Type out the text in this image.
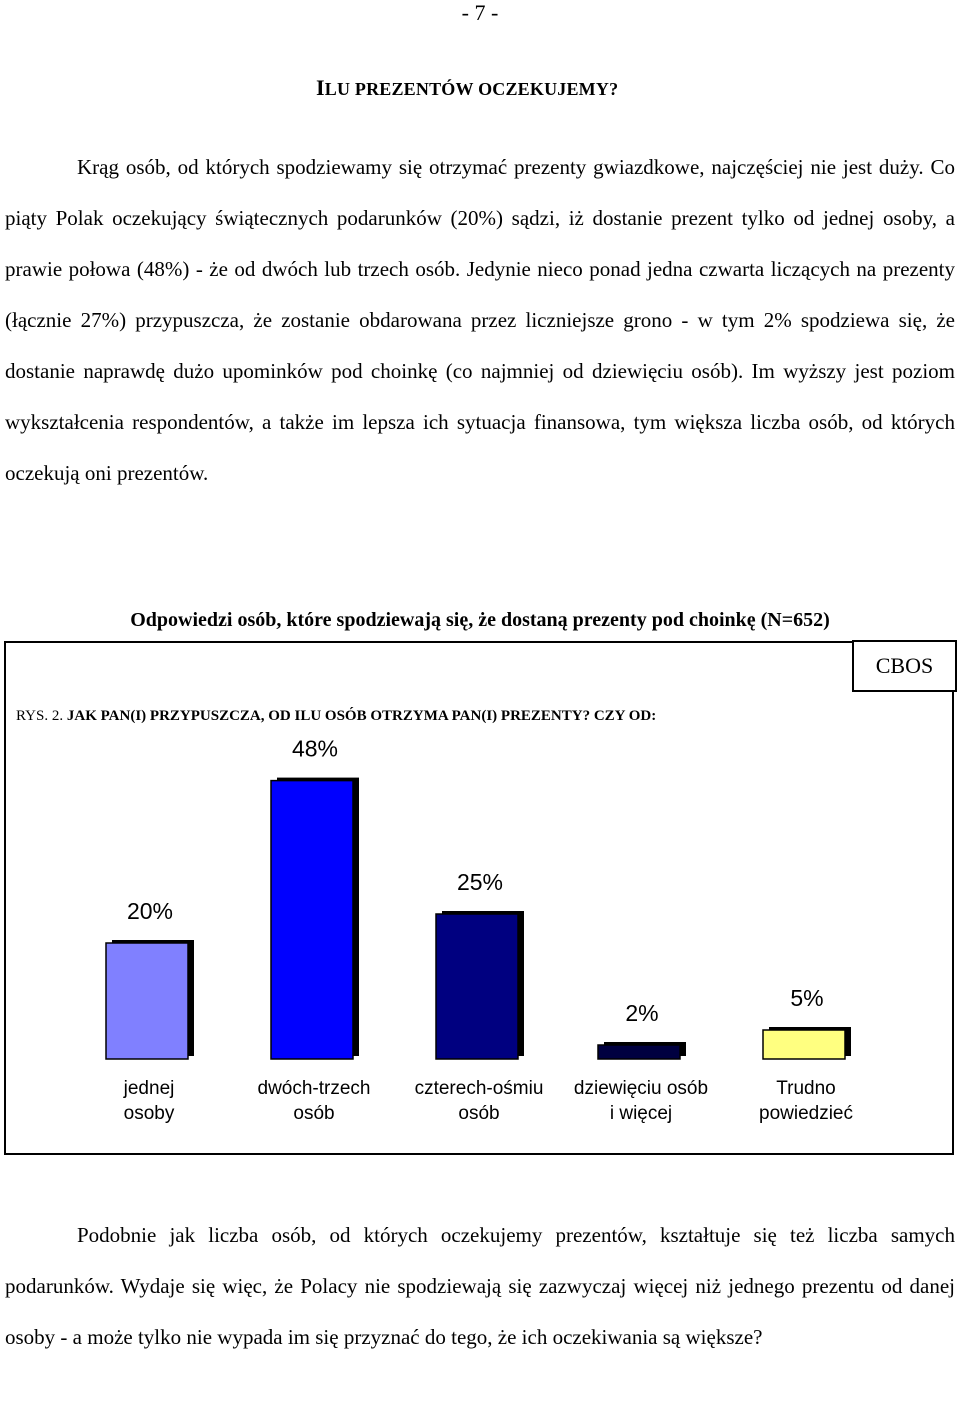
- 7 -
ILU PREZENTÓW OCZEKUJEMY?

Krąg osób, od których spodziewamy się otrzymać prezenty gwiazdkowe, najczęściej nie jest duży. Co piąty Polak oczekujący świątecznych podarunków (20%) sądzi, iż dostanie prezent tylko od jednej osoby, a prawie połowa (48%) - że od dwóch lub trzech osób. Jedynie nieco ponad jedna czwarta liczących na prezenty (łącznie 27%) przypuszcza, że zostanie obdarowana przez liczniejsze grono - w tym 2% spodziewa się, że dostanie naprawdę dużo upominków pod choinkę (co najmniej od dziewięciu osób). Im wyższy jest poziom wykształcenia respondentów, a także im lepsza ich sytuacja finansowa, tym większa liczba osób, od których oczekują oni prezentów.

Odpowiedzi osób, które spodziewają się, że dostaną prezenty pod choinkę (N=652)
CBOS
RYS. 2. JAK PAN(I) PRZYPUSZCZA, OD ILU OSÓB OTRZYMA PAN(I) PREZENTY? CZY OD:
20%
jednej
osoby
48%
dwóch-trzech
osób
25%
czterech-ośmiu
osób
2%
dziewięciu osób
i więcej
5%
Trudno
powiedzieć

Podobnie jak liczba osób, od których oczekujemy prezentów, kształtuje się też liczba samych podarunków. Wydaje się więc, że Polacy nie spodziewają się zazwyczaj więcej niż jednego prezentu od danej osoby - a może tylko nie wypada im się przyznać do tego, że ich oczekiwania są większe?
